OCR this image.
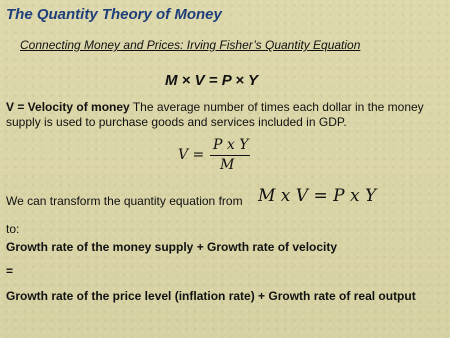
The Quantity Theory of Money
Connecting Money and Prices: Irving Fisher’s Quantity Equation
M × V = P × Y
V = Velocity of money The average number of times each dollar in the money supply is used to purchase goods and services included in GDP.
V =
P x Y
M
We can transform the quantity equation from M x V = P x Y
to:
Growth rate of the money supply + Growth rate of velocity
=
Growth rate of the price level (inflation rate) + Growth rate of real output
